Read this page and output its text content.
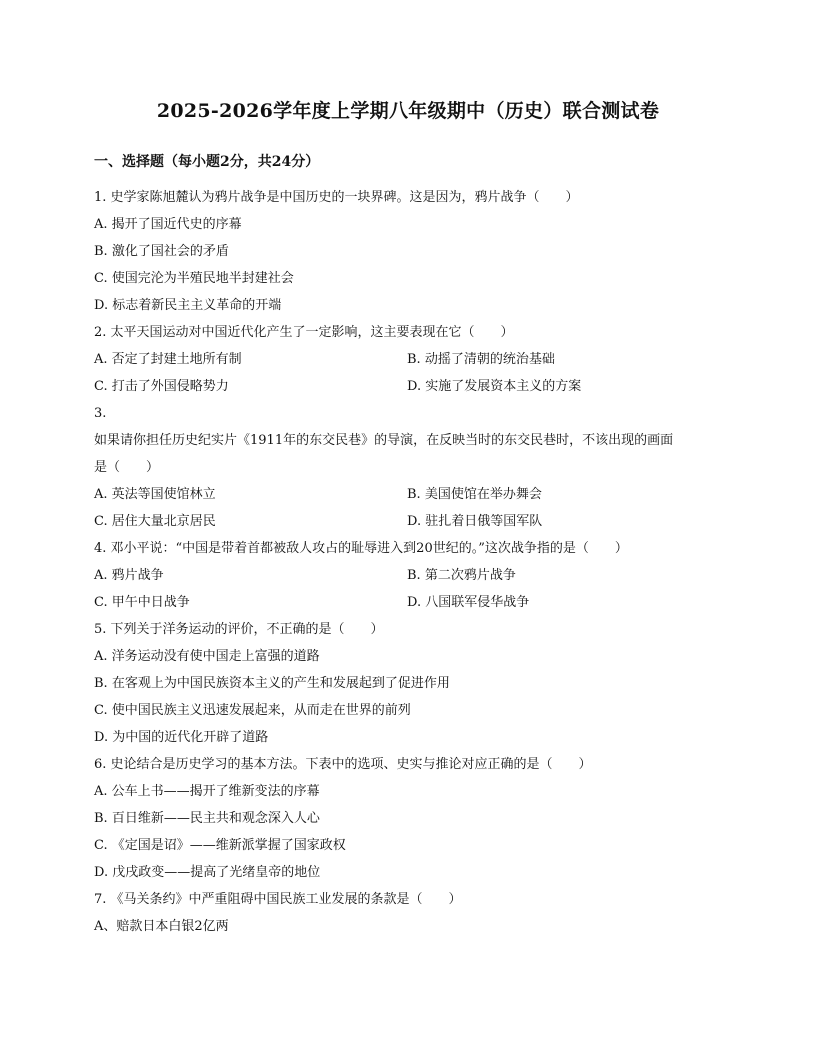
2025-2026学年度上学期八年级期中（历史）联合测试卷
一、选择题（每小题2分，共24分）
1. 史学家陈旭麓认为鸦片战争是中国历史的一块界碑。这是因为，鸦片战争（　　）
A. 揭开了国近代史的序幕
B. 激化了国社会的矛盾
C. 使国完沦为半殖民地半封建社会
D. 标志着新民主主义革命的开端
2. 太平天国运动对中国近代化产生了一定影响，这主要表现在它（　　）
A. 否定了封建土地所有制	B. 动摇了清朝的统治基础
C. 打击了外国侵略势力	D. 实施了发展资本主义的方案
3.
如果请你担任历史纪实片《1911年的东交民巷》的导演，在反映当时的东交民巷时，不该出现的画面
是（　　）
A. 英法等国使馆林立	B. 美国使馆在举办舞会
C. 居住大量北京居民	D. 驻扎着日俄等国军队
4. 邓小平说：“中国是带着首都被敌人攻占的耻辱进入到20世纪的。”这次战争指的是（　　）
A. 鸦片战争	B. 第二次鸦片战争
C. 甲午中日战争	D. 八国联军侵华战争
5. 下列关于洋务运动的评价，不正确的是（　　）
A. 洋务运动没有使中国走上富强的道路
B. 在客观上为中国民族资本主义的产生和发展起到了促进作用
C. 使中国民族主义迅速发展起来，从而走在世界的前列
D. 为中国的近代化开辟了道路
6. 史论结合是历史学习的基本方法。下表中的选项、史实与推论对应正确的是（　　）
A. 公车上书——揭开了维新变法的序幕
B. 百日维新——民主共和观念深入人心
C. 《定国是诏》——维新派掌握了国家政权
D. 戊戌政变——提高了光绪皇帝的地位
7. 《马关条约》中严重阻碍中国民族工业发展的条款是（　　）
A、赔款日本白银2亿两
